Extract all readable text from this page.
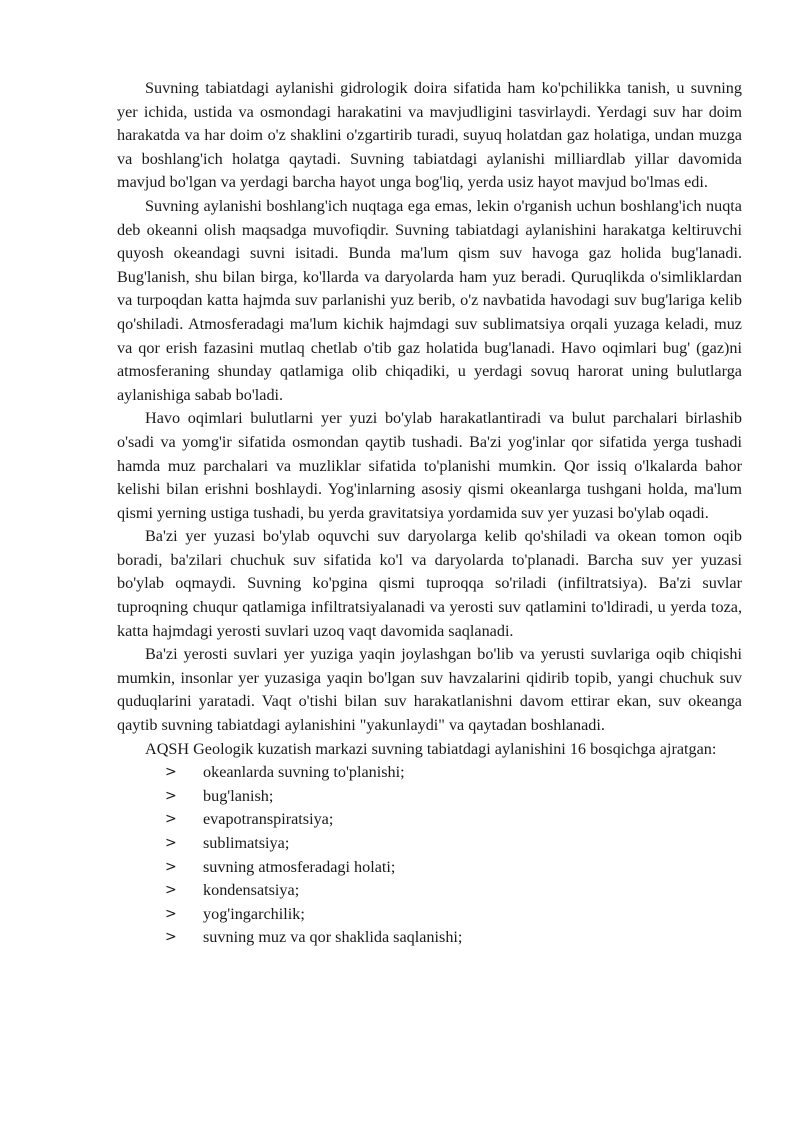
Suvning tabiatdagi aylanishi gidrologik doira sifatida ham ko'pchilikka tanish, u suvning yer ichida, ustida va osmondagi harakatini va mavjudligini tasvirlaydi. Yerdagi suv har doim harakatda va har doim o'z shaklini o'zgartirib turadi, suyuq holatdan gaz holatiga, undan muzga va boshlang'ich holatga qaytadi. Suvning tabiatdagi aylanishi milliardlab yillar davomida mavjud bo'lgan va yerdagi barcha hayot unga bog'liq, yerda usiz hayot mavjud bo'lmas edi.

Suvning aylanishi boshlang'ich nuqtaga ega emas, lekin o'rganish uchun boshlang'ich nuqta deb okeanni olish maqsadga muvofiqdir. Suvning tabiatdagi aylanishini harakatga keltiruvchi quyosh okeandagi suvni isitadi. Bunda ma'lum qism suv havoga gaz holida bug'lanadi. Bug'lanish, shu bilan birga, ko'llarda va daryolarda ham yuz beradi. Quruqlikda o'simliklardan va turpoqdan katta hajmda suv parlanishi yuz berib, o'z navbatida havodagi suv bug'lariga kelib qo'shiladi. Atmosferadagi ma'lum kichik hajmdagi suv sublimatsiya orqali yuzaga keladi, muz va qor erish fazasini mutlaq chetlab o'tib gaz holatida bug'lanadi. Havo oqimlari bug' (gaz)ni atmosferaning shunday qatlamiga olib chiqadiki, u yerdagi sovuq harorat uning bulutlarga aylanishiga sabab bo'ladi.

Havo oqimlari bulutlarni yer yuzi bo'ylab harakatlantiradi va bulut parchalari birlashib o'sadi va yomg'ir sifatida osmondan qaytib tushadi. Ba'zi yog'inlar qor sifatida yerga tushadi hamda muz parchalari va muzliklar sifatida to'planishi mumkin. Qor issiq o'lkalarda bahor kelishi bilan erishni boshlaydi. Yog'inlarning asosiy qismi okeanlarga tushgani holda, ma'lum qismi yerning ustiga tushadi, bu yerda gravitatsiya yordamida suv yer yuzasi bo'ylab oqadi.

Ba'zi yer yuzasi bo'ylab oquvchi suv daryolarga kelib qo'shiladi va okean tomon oqib boradi, ba'zilari chuchuk suv sifatida ko'l va daryolarda to'planadi. Barcha suv yer yuzasi bo'ylab oqmaydi. Suvning ko'pgina qismi tuproqqa so'riladi (infiltratsiya). Ba'zi suvlar tuproqning chuqur qatlamiga infiltratsiyalanadi va yerosti suv qatlamini to'ldiradi, u yerda toza, katta hajmdagi yerosti suvlari uzoq vaqt davomida saqlanadi.

Ba'zi yerosti suvlari yer yuziga yaqin joylashgan bo'lib va yerusti suvlariga oqib chiqishi mumkin, insonlar yer yuzasiga yaqin bo'lgan suv havzalarini qidirib topib, yangi chuchuk suv quduqlarini yaratadi. Vaqt o'tishi bilan suv harakatlanishni davom ettirar ekan, suv okeanga qaytib suvning tabiatdagi aylanishini "yakunlaydi" va qaytadan boshlanadi.

AQSH Geologik kuzatish markazi suvning tabiatdagi aylanishini 16 bosqichga ajratgan:

> okeanlarda suvning to'planishi;
> bug'lanish;
> evapotranspiratsiya;
> sublimatsiya;
> suvning atmosferadagi holati;
> kondensatsiya;
> yog'ingarchilik;
> suvning muz va qor shaklida saqlanishi;
